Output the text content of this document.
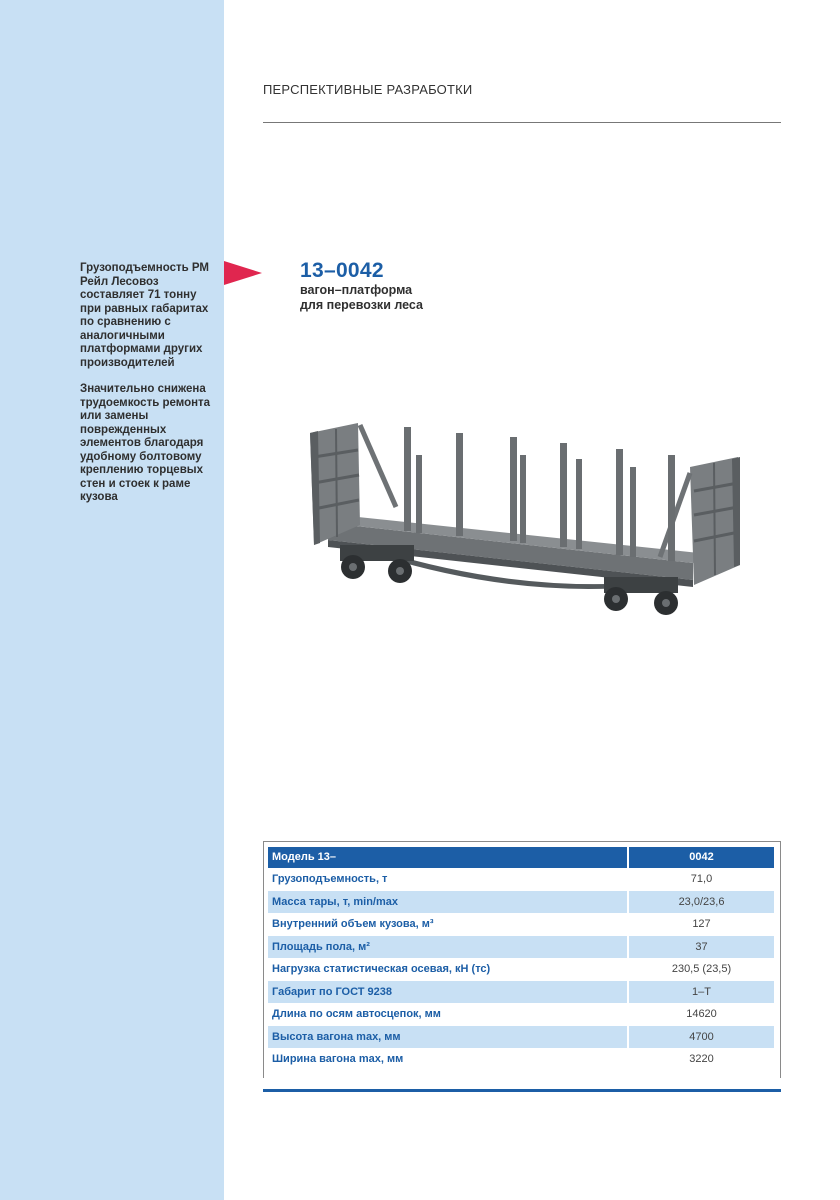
Грузоподъемность РМ Рейл Лесовоз составляет 71 тонну при равных габаритах по сравнению с аналогичными платформами других производителей

Значительно снижена трудоемкость ремонта или замены поврежденных элементов благодаря удобному болтовому креплению торцевых стен и стоек к раме кузова

ПЕРСПЕКТИВНЫЕ РАЗРАБОТКИ
13–0042
вагон–платформа
для перевозки леса
Модель 13–	0042
Грузоподъемность, т	71,0
Масса тары, т, min/max	23,0/23,6
Внутренний объем кузова, м³	127
Площадь пола, м²	37
Нагрузка статистическая осевая, кН (тс)	230,5 (23,5)
Габарит по ГОСТ 9238	1–Т
Длина по осям автосцепок, мм	14620
Высота вагона max, мм	4700
Ширина вагона max, мм	3220
